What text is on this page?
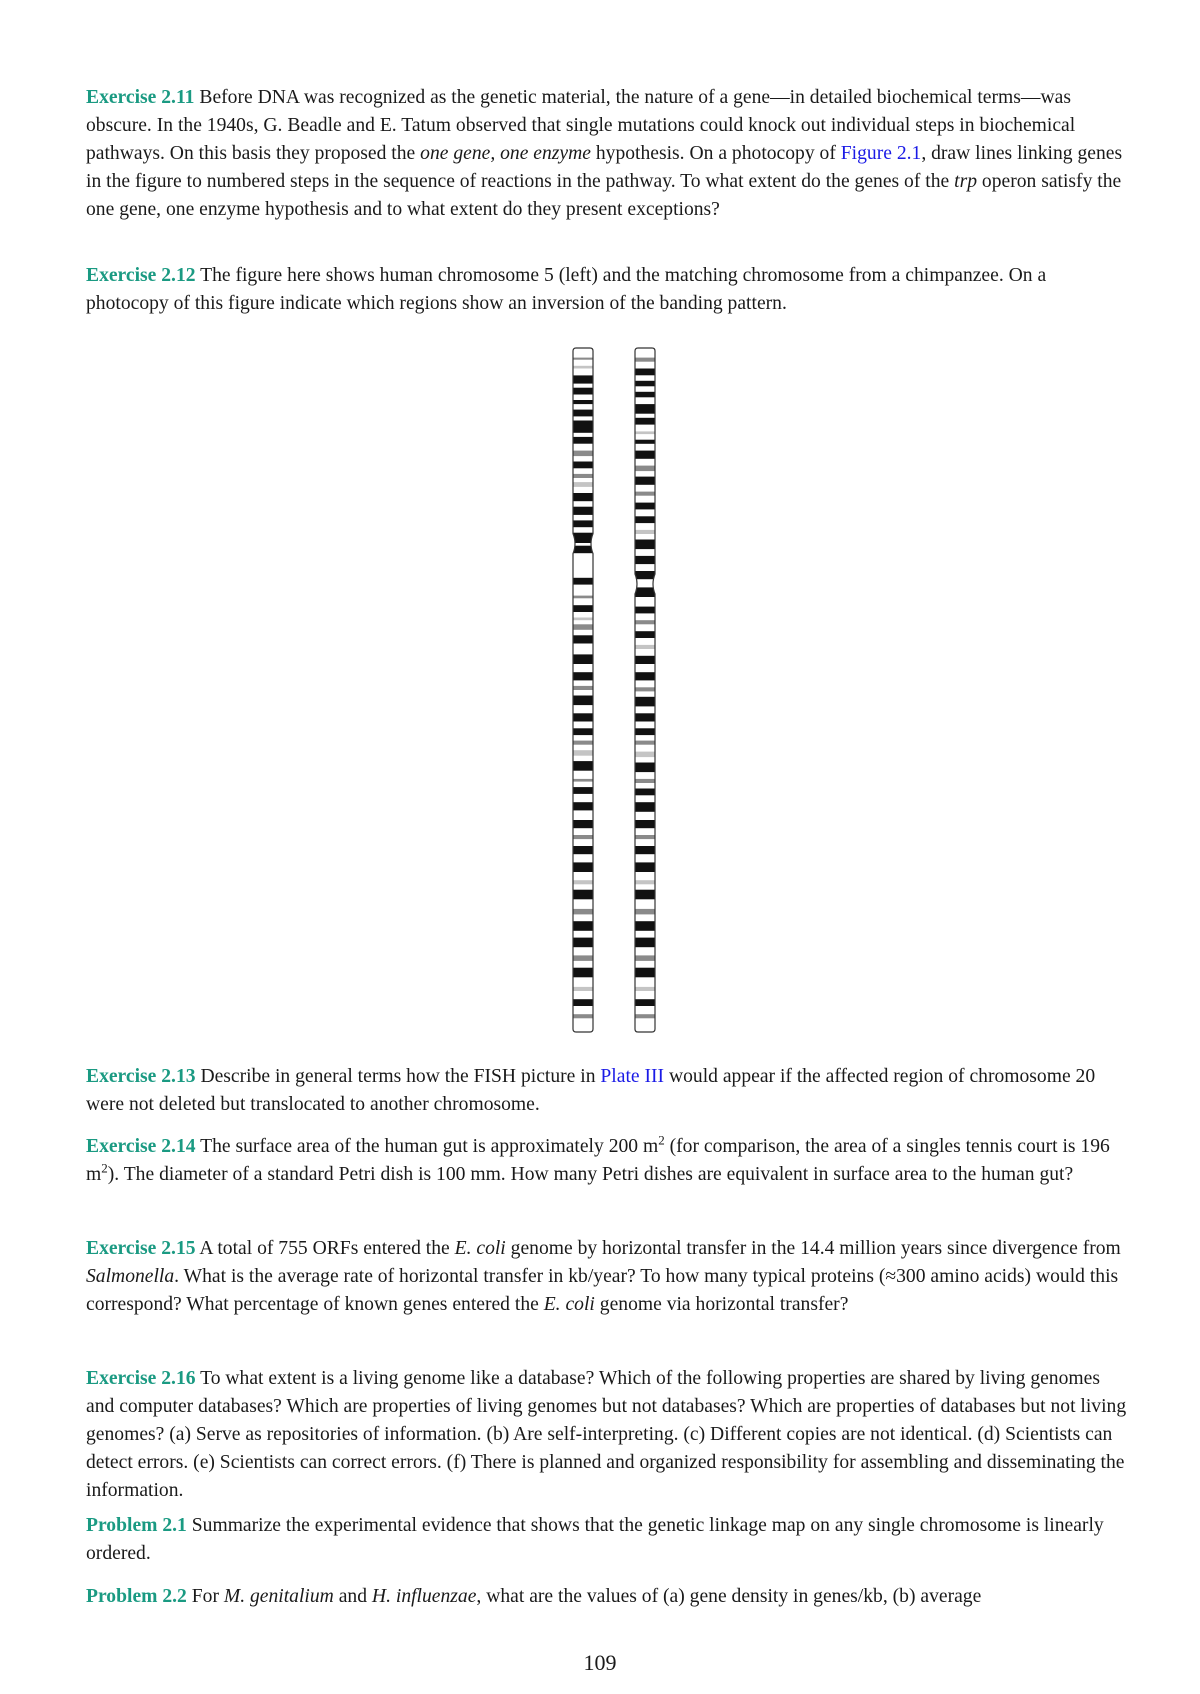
Exercise 2.11 Before DNA was recognized as the genetic material, the nature of a gene—in detailed biochemical terms—was obscure. In the 1940s, G. Beadle and E. Tatum observed that single mutations could knock out individual steps in biochemical pathways. On this basis they proposed the one gene, one enzyme hypothesis. On a photocopy of Figure 2.1, draw lines linking genes in the figure to numbered steps in the sequence of reactions in the pathway. To what extent do the genes of the trp operon satisfy the one gene, one enzyme hypothesis and to what extent do they present exceptions?

Exercise 2.12 The figure here shows human chromosome 5 (left) and the matching chromosome from a chimpanzee. On a photocopy of this figure indicate which regions show an inversion of the banding pattern.

Exercise 2.13 Describe in general terms how the FISH picture in Plate III would appear if the affected region of chromosome 20 were not deleted but translocated to another chromosome.

Exercise 2.14 The surface area of the human gut is approximately 200 $m^2$ (for comparison, the area of a singles tennis court is 196 $m^2$). The diameter of a standard Petri dish is 100 mm. How many Petri dishes are equivalent in surface area to the human gut?

Exercise 2.15 A total of 755 ORFs entered the E. coli genome by horizontal transfer in the 14.4 million years since divergence from Salmonella. What is the average rate of horizontal transfer in kb/year? To how many typical proteins (≈300 amino acids) would this correspond? What percentage of known genes entered the E. coli genome via horizontal transfer?

Exercise 2.16 To what extent is a living genome like a database? Which of the following properties are shared by living genomes and computer databases? Which are properties of living genomes but not databases? Which are properties of databases but not living genomes? (a) Serve as repositories of information. (b) Are self-interpreting. (c) Different copies are not identical. (d) Scientists can detect errors. (e) Scientists can correct errors. (f) There is planned and organized responsibility for assembling and disseminating the information.

Problem 2.1 Summarize the experimental evidence that shows that the genetic linkage map on any single chromosome is linearly ordered.

Problem 2.2 For M. genitalium and H. influenzae, what are the values of (a) gene density in genes/kb, (b) average

109
